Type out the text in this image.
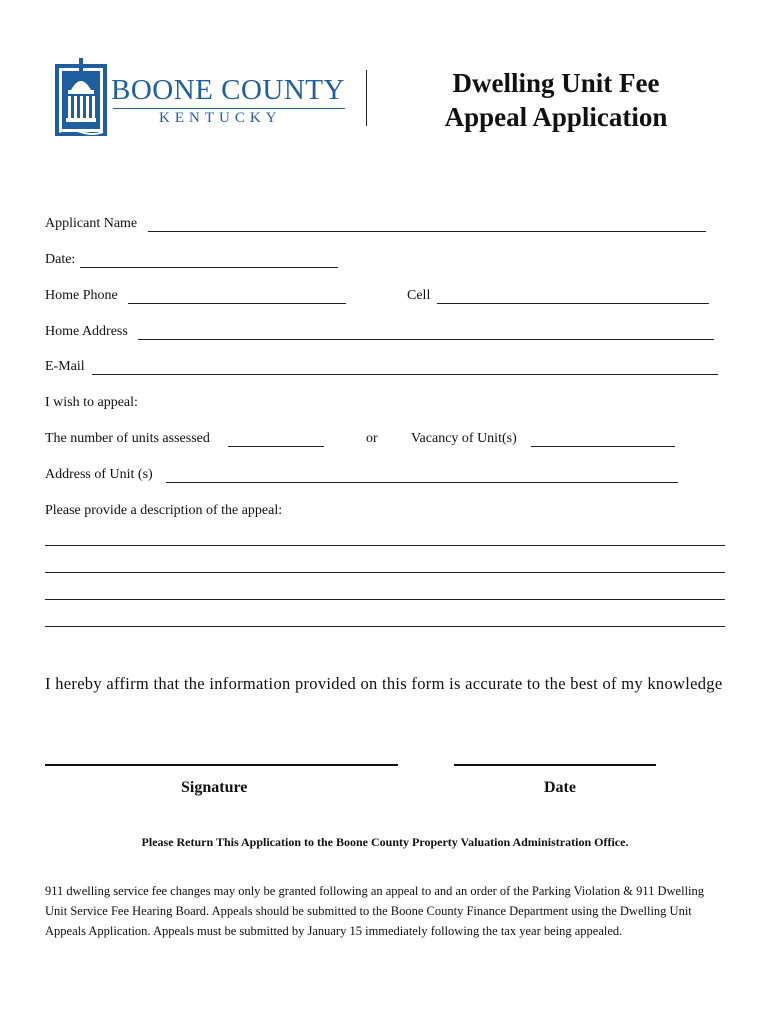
BOONE COUNTY
KENTUCKY
Dwelling Unit Fee
Appeal Application
Applicant Name
Date:
Home Phone	Cell
Home Address
E-Mail
I wish to appeal:
The number of units assessed	or Vacancy of Unit(s)
Address of Unit (s)
Please provide a description of the appeal:
I hereby affirm that the information provided on this form is accurate to the best of my knowledge
Signature	Date
Please Return This Application to the Boone County Property Valuation Administration Office.
911 dwelling service fee changes may only be granted following an appeal to and an order of the Parking Violation & 911 Dwelling Unit Service Fee Hearing Board. Appeals should be submitted to the Boone County Finance Department using the Dwelling Unit Appeals Application. Appeals must be submitted by January 15 immediately following the tax year being appealed.
